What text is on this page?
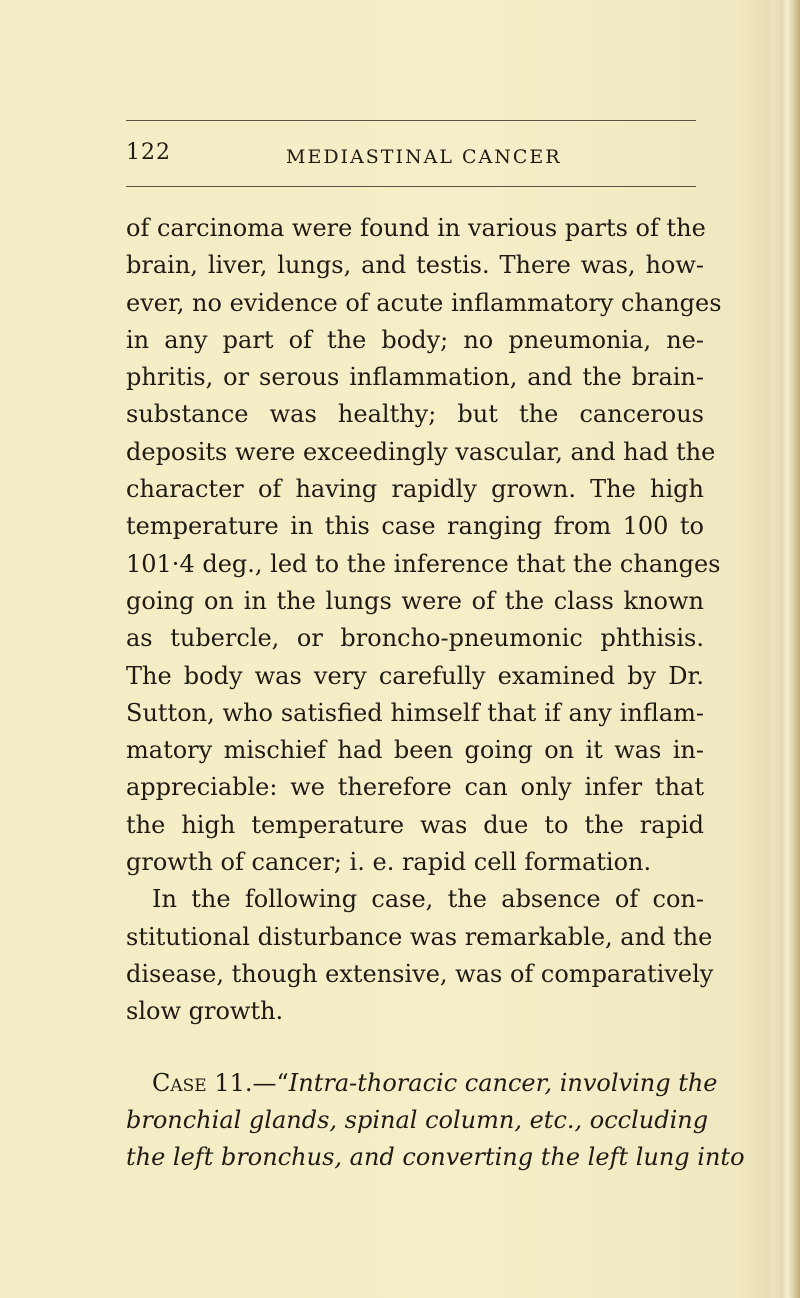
122	MEDIASTINAL CANCER
of carcinoma were found in various parts of the
brain, liver, lungs, and testis. There was, how-
ever, no evidence of acute inflammatory changes
in any part of the body; no pneumonia, ne-
phritis, or serous inflammation, and the brain-
substance was healthy; but the cancerous
deposits were exceedingly vascular, and had the
character of having rapidly grown. The high
temperature in this case ranging from 100 to
101·4 deg., led to the inference that the changes
going on in the lungs were of the class known
as tubercle, or broncho-pneumonic phthisis.
The body was very carefully examined by Dr.
Sutton, who satisfied himself that if any inflam-
matory mischief had been going on it was in-
appreciable: we therefore can only infer that
the high temperature was due to the rapid
growth of cancer; i. e. rapid cell formation.
In the following case, the absence of con-
stitutional disturbance was remarkable, and the
disease, though extensive, was of comparatively
slow growth.
Case 11.—“Intra-thoracic cancer, involving the
bronchial glands, spinal column, etc., occluding
the left bronchus, and converting the left lung into
